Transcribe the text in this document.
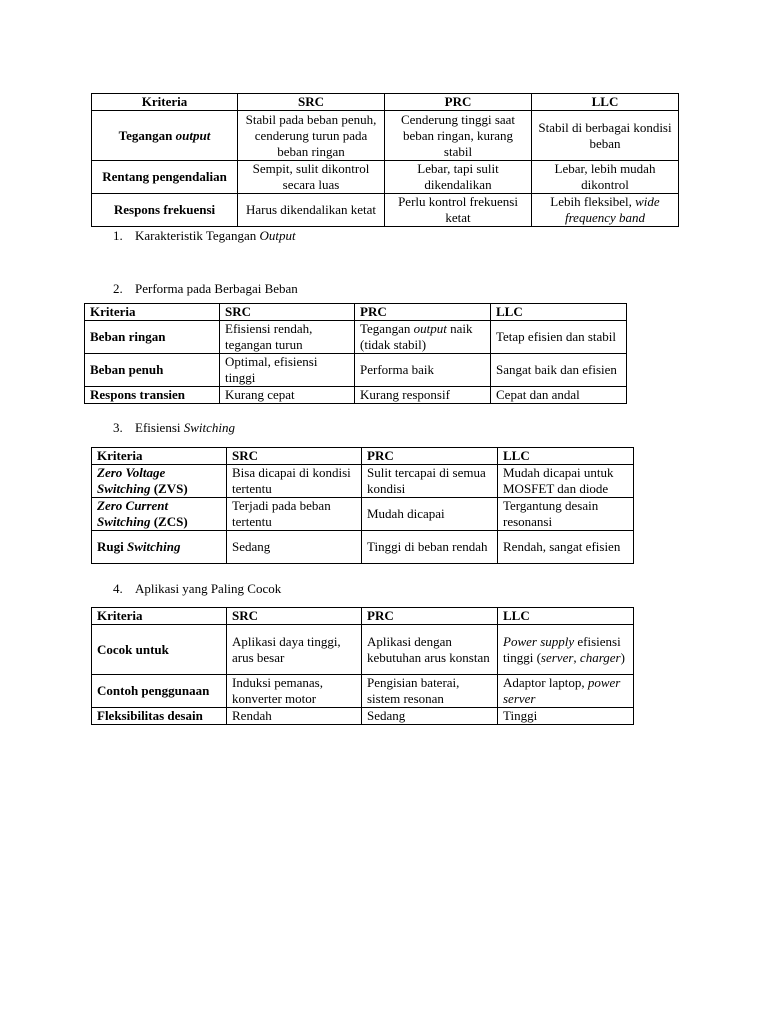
Kriteria	SRC	PRC	LLC
Tegangan output	Stabil pada beban penuh, cenderung turun pada beban ringan	Cenderung tinggi saat beban ringan, kurang stabil	Stabil di berbagai kondisi beban
Rentang pengendalian	Sempit, sulit dikontrol secara luas	Lebar, tapi sulit dikendalikan	Lebar, lebih mudah dikontrol
Respons frekuensi	Harus dikendalikan ketat	Perlu kontrol frekuensi ketat	Lebih fleksibel, wide frequency band
1. Karakteristik Tegangan Output
2. Performa pada Berbagai Beban
Kriteria	SRC	PRC	LLC
Beban ringan	Efisiensi rendah, tegangan turun	Tegangan output naik (tidak stabil)	Tetap efisien dan stabil
Beban penuh	Optimal, efisiensi tinggi	Performa baik	Sangat baik dan efisien
Respons transien	Kurang cepat	Kurang responsif	Cepat dan andal
3. Efisiensi Switching
Kriteria	SRC	PRC	LLC
Zero Voltage Switching (ZVS)	Bisa dicapai di kondisi tertentu	Sulit tercapai di semua kondisi	Mudah dicapai untuk MOSFET dan diode
Zero Current Switching (ZCS)	Terjadi pada beban tertentu	Mudah dicapai	Tergantung desain resonansi
Rugi Switching	Sedang	Tinggi di beban rendah	Rendah, sangat efisien
4. Aplikasi yang Paling Cocok
Kriteria	SRC	PRC	LLC
Cocok untuk	Aplikasi daya tinggi, arus besar	Aplikasi dengan kebutuhan arus konstan	Power supply efisiensi tinggi (server, charger)
Contoh penggunaan	Induksi pemanas, konverter motor	Pengisian baterai, sistem resonan	Adaptor laptop, power server
Fleksibilitas desain	Rendah	Sedang	Tinggi
